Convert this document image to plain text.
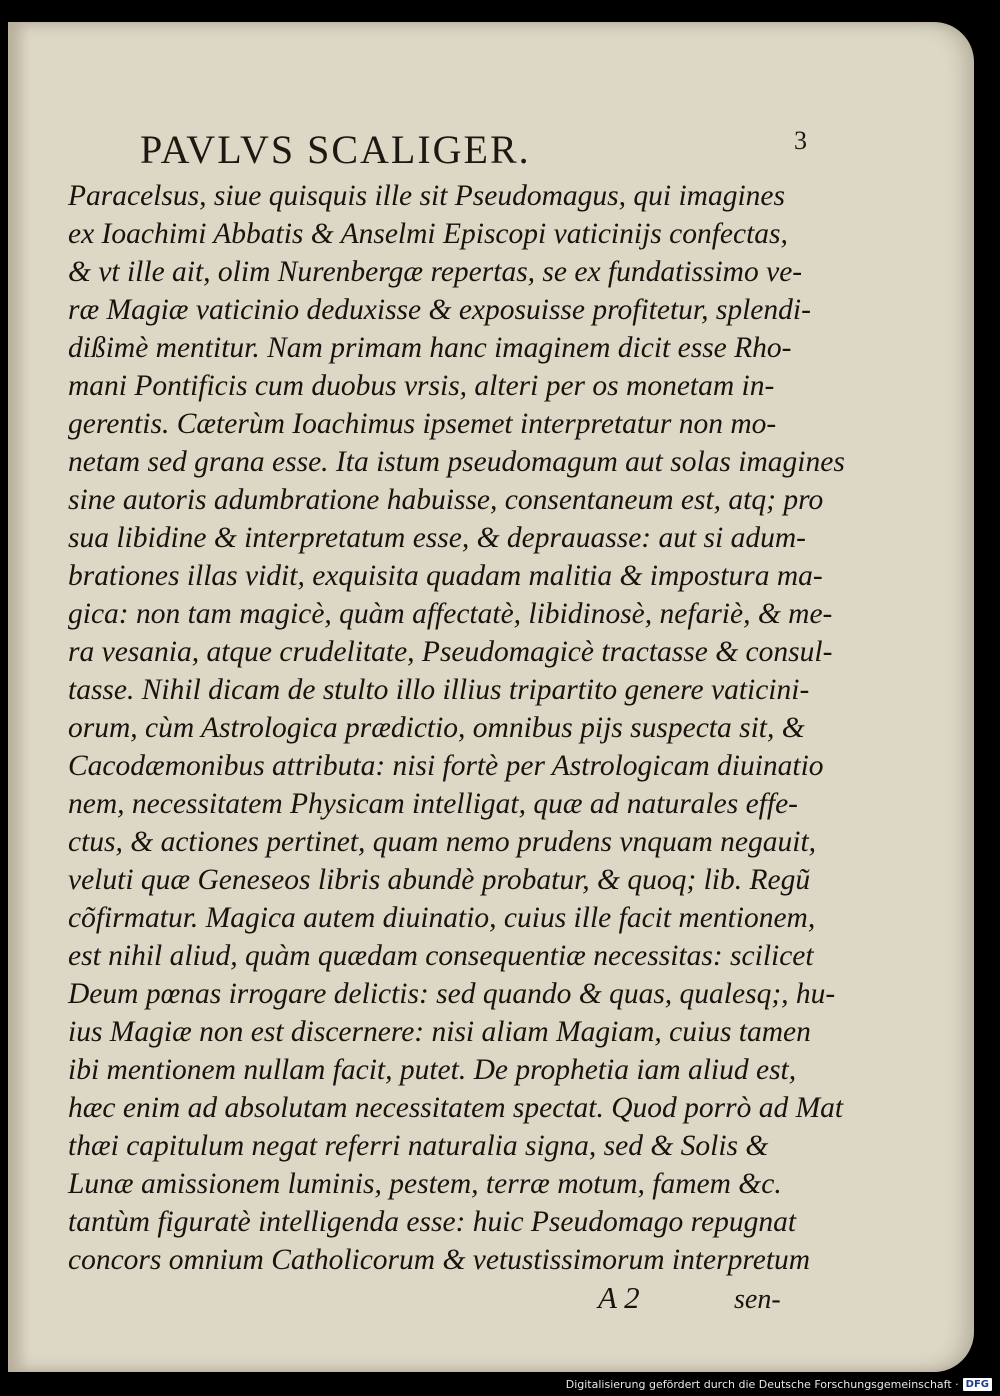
PAVLVS SCALIGER.	3
Paracelsus, siue quisquis ille sit Pseudomagus, qui imagines
ex Ioachimi Abbatis & Anselmi Episcopi vaticinijs confectas,
& vt ille ait, olim Nurenbergæ repertas, se ex fundatissimo ve-
ræ Magiæ vaticinio deduxisse & exposuisse profitetur, splendi-
dißimè mentitur. Nam primam hanc imaginem dicit esse Rho-
mani Pontificis cum duobus vrsis, alteri per os monetam in-
gerentis. Cæterùm Ioachimus ipsemet interpretatur non mo-
netam sed grana esse. Ita istum pseudomagum aut solas imagines
sine autoris adumbratione habuisse, consentaneum est, atq; pro
sua libidine & interpretatum esse, & deprauasse: aut si adum-
brationes illas vidit, exquisita quadam malitia & impostura ma-
gica: non tam magicè, quàm affectatè, libidinosè, nefariè, & me-
ra vesania, atque crudelitate, Pseudomagicè tractasse & consul-
tasse. Nihil dicam de stulto illo illius tripartito genere vaticini-
orum, cùm Astrologica prædictio, omnibus pijs suspecta sit, &
Cacodæmonibus attributa: nisi fortè per Astrologicam diuinatio
nem, necessitatem Physicam intelligat, quæ ad naturales effe-
ctus, & actiones pertinet, quam nemo prudens vnquam negauit,
veluti quæ Geneseos libris abundè probatur, & quoq; lib. Regũ
cõfirmatur. Magica autem diuinatio, cuius ille facit mentionem,
est nihil aliud, quàm quædam consequentiæ necessitas: scilicet
Deum pœnas irrogare delictis: sed quando & quas, qualesq;, hu-
ius Magiæ non est discernere: nisi aliam Magiam, cuius tamen
ibi mentionem nullam facit, putet. De prophetia iam aliud est,
hæc enim ad absolutam necessitatem spectat. Quod porrò ad Mat
thæi capitulum negat referri naturalia signa, sed & Solis &
Lunæ amissionem luminis, pestem, terræ motum, famem &c.
tantùm figuratè intelligenda esse: huic Pseudomago repugnat
concors omnium Catholicorum & vetustissimorum interpretum
A 2	sen-
Digitalisierung gefördert durch die Deutsche Forschungsgemeinschaft · DFG
